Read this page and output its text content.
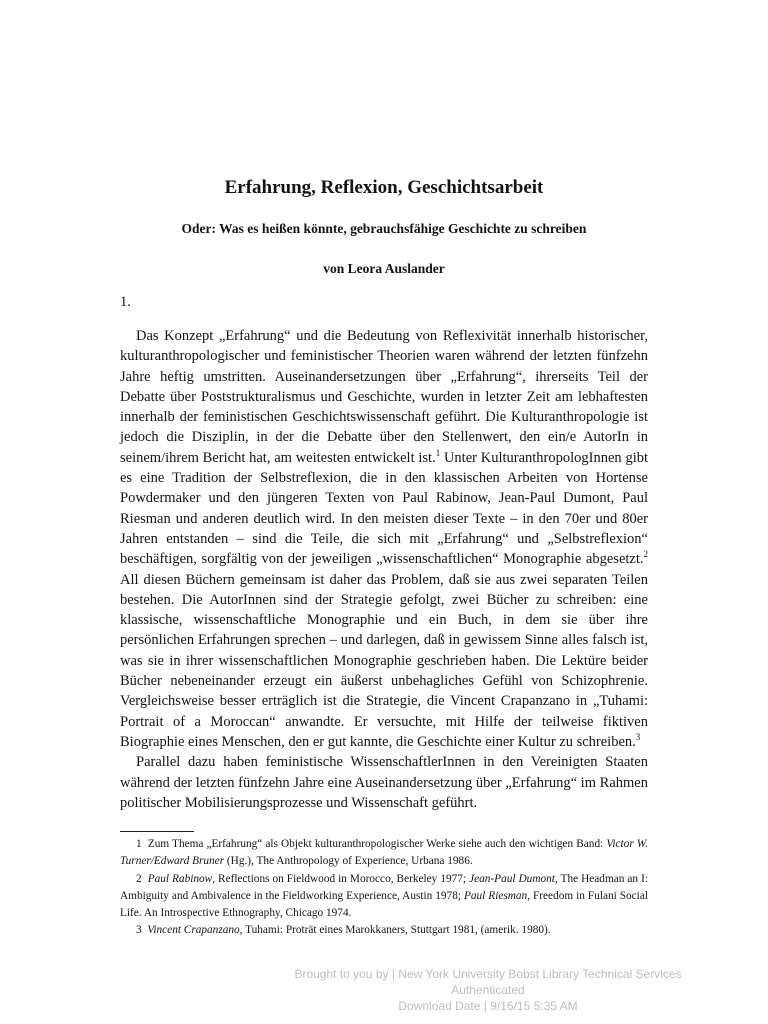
Erfahrung, Reflexion, Geschichtsarbeit
Oder: Was es heißen könnte, gebrauchsfähige Geschichte zu schreiben
von Leora Auslander
1.

Das Konzept „Erfahrung“ und die Bedeutung von Reflexivität innerhalb historischer, kulturanthropologischer und feministischer Theorien waren während der letzten fünfzehn Jahre heftig umstritten. Auseinandersetzungen über „Erfahrung“, ihrerseits Teil der Debatte über Poststrukturalismus und Geschichte, wurden in letzter Zeit am lebhaftesten innerhalb der feministischen Geschichtswissenschaft geführt. Die Kulturanthropologie ist jedoch die Disziplin, in der die Debatte über den Stellenwert, den ein/e AutorIn in seinem/ihrem Bericht hat, am weitesten entwickelt ist.$^1$ Unter KulturanthropologInnen gibt es eine Tradition der Selbstreflexion, die in den klassischen Arbeiten von Hortense Powdermaker und den jüngeren Texten von Paul Rabinow, Jean-Paul Dumont, Paul Riesman und anderen deutlich wird. In den meisten dieser Texte – in den 70er und 80er Jahren entstanden – sind die Teile, die sich mit „Erfahrung“ und „Selbstreflexion“ beschäftigen, sorgfältig von der jeweiligen „wissenschaftlichen“ Monographie abgesetzt.$^2$ All diesen Büchern gemeinsam ist daher das Problem, daß sie aus zwei separaten Teilen bestehen. Die AutorInnen sind der Strategie gefolgt, zwei Bücher zu schreiben: eine klassische, wissenschaftliche Monographie und ein Buch, in dem sie über ihre persönlichen Erfahrungen sprechen – und darlegen, daß in gewissem Sinne alles falsch ist, was sie in ihrer wissenschaftlichen Monographie geschrieben haben. Die Lektüre beider Bücher nebeneinander erzeugt ein äußerst unbehagliches Gefühl von Schizophrenie. Vergleichsweise besser erträglich ist die Strategie, die Vincent Crapanzano in „Tuhami: Portrait of a Moroccan“ anwandte. Er versuchte, mit Hilfe der teilweise fiktiven Biographie eines Menschen, den er gut kannte, die Geschichte einer Kultur zu schreiben.$^3$

Parallel dazu haben feministische WissenschaftlerInnen in den Vereinigten Staaten während der letzten fünfzehn Jahre eine Auseinandersetzung über „Erfahrung“ im Rahmen politischer Mobilisierungsprozesse und Wissenschaft geführt.

1 Zum Thema „Erfahrung“ als Objekt kulturanthropologischer Werke siehe auch den wichtigen Band: Victor W. Turner/Edward Bruner (Hg.), The Anthropology of Experience, Urbana 1986.

2 Paul Rabinow, Reflections on Fieldwood in Morocco, Berkeley 1977; Jean-Paul Dumont, The Headman an I: Ambiguity and Ambivalence in the Fieldworking Experience, Austin 1978; Paul Riesman, Freedom in Fulani Social Life. An Introspective Ethnography, Chicago 1974.

3 Vincent Crapanzano, Tuhami: Proträt eines Marokkaners, Stuttgart 1981, (amerik. 1980).

Brought to you by | New York University Bobst Library Technical Services
Authenticated
Download Date | 9/16/15 5:35 AM
